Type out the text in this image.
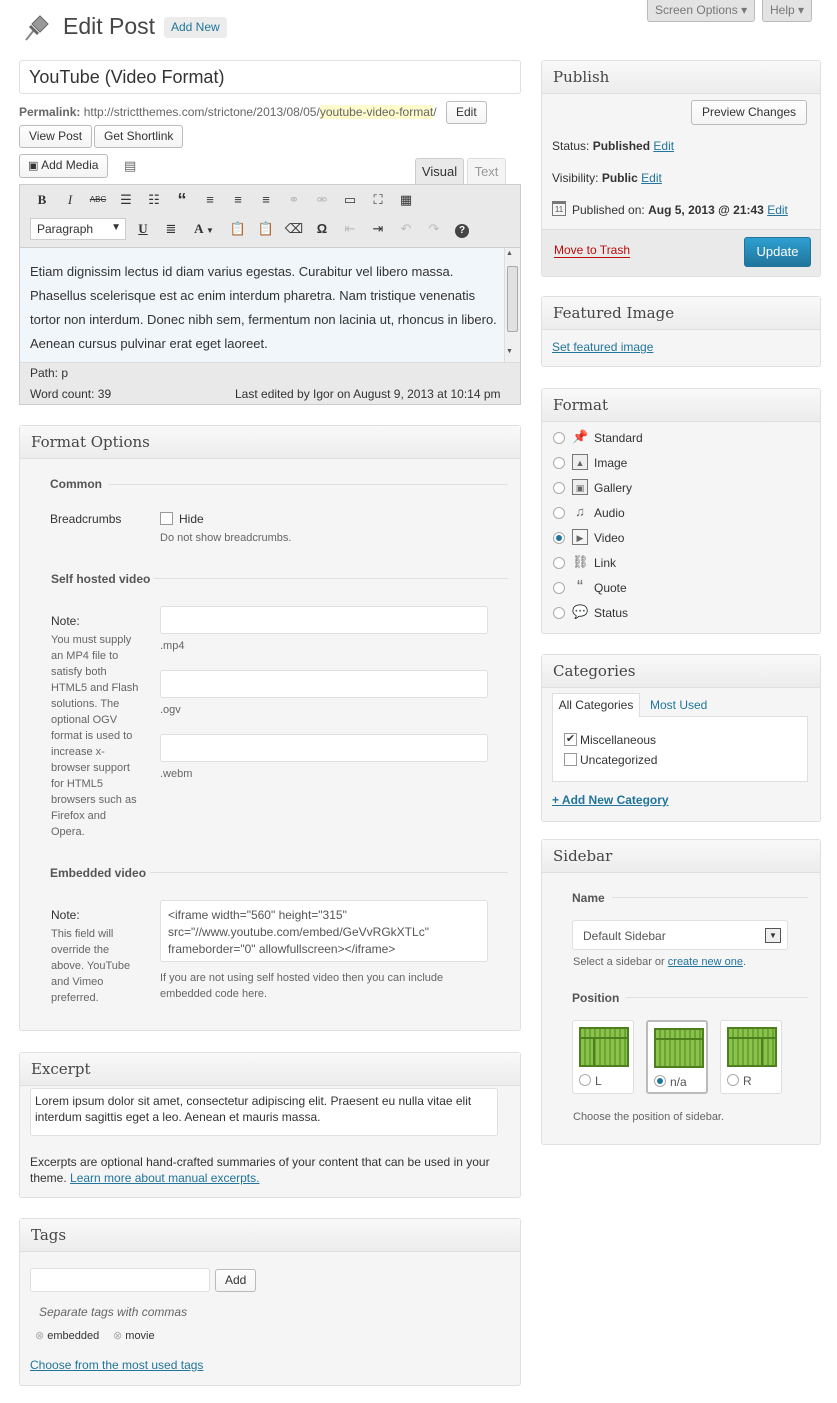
Edit Post	Add New
Screen Options ▾	Help ▾
YouTube (Video Format)
Permalink: http://strictthemes.com/strictone/2013/08/05/youtube-video-format/	Edit
View Post	Get Shortlink
▣ Add Media	▤	Visual	Text
B	I	ABC	☰	☷ “	≡	≡	≡	⚭	⚮	▭	⛶	▦
Paragraph ▼	U	≣	A ▼	📋 📋 ⌫	Ω	⇤	⇥	↶	↷	?
Etiam dignissim lectus id diam varius egestas. Curabitur vel libero massa. Phasellus scelerisque est ac enim interdum pharetra. Nam tristique venenatis tortor non interdum. Donec nibh sem, fermentum non lacinia ut, rhoncus in libero. Aenean cursus pulvinar erat eget laoreet.
▲
▼
Path: p
Word count: 39	Last edited by Igor on August 9, 2013 at 10:14 pm
Format Options
Common
Breadcrumbs	Hide
Do not show breadcrumbs.
Self hosted video
Note:
You must supply an MP4 file to satisfy both HTML5 and Flash solutions. The optional OGV format is used to increase x-browser support for HTML5 browsers such as Firefox and Opera.
.mp4
.ogv
.webm
Embedded video
Note:
This field will override the above. YouTube and Vimeo preferred.
<iframe width="560" height="315" src="//www.youtube.com/embed/GeVvRGkXTLc" frameborder="0" allowfullscreen></iframe>
If you are not using self hosted video then you can include embedded code here.
Excerpt
Lorem ipsum dolor sit amet, consectetur adipiscing elit. Praesent eu nulla vitae elit interdum sagittis eget a leo. Aenean et mauris massa.
Excerpts are optional hand-crafted summaries of your content that can be used in your theme. Learn more about manual excerpts.
Tags
Add
Separate tags with commas
⊗ embedded ⊗ movie
Choose from the most used tags
Publish
Preview Changes
Status: Published Edit
Visibility: Public Edit
11 Published on: Aug 5, 2013 @ 21:43 Edit
Move to Trash	Update
Featured Image
Set featured image
Format
📌 Standard
▲ Image
▣ Gallery
♫ Audio
▶ Video
⛓ Link
“ Quote
💬 Status
Categories
All Categories	Most Used
✔ Miscellaneous
Uncategorized
+ Add New Category
Sidebar
Name
Default Sidebar	▼
Select a sidebar or create new one.
Position
L	n/a	R
Choose the position of sidebar.
